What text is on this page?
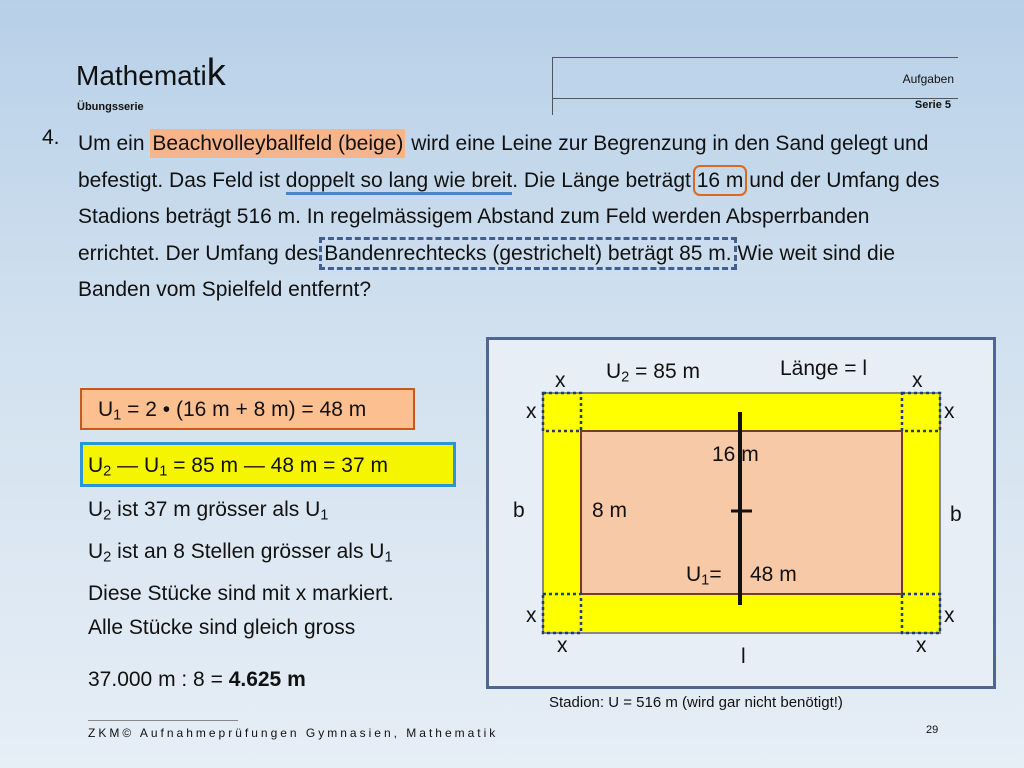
Mathematik
Übungsserie
Aufgaben
Serie 5
4. Um ein Beachvolleyballfeld (beige) wird eine Leine zur Begrenzung in den Sand gelegt und befestigt. Das Feld ist doppelt so lang wie breit. Die Länge beträgt 16 m und der Umfang des Stadions beträgt 516 m. In regelmässigem Abstand zum Feld werden Absperrbanden errichtet. Der Umfang des Bandenrechtecks (gestrichelt) beträgt 85 m. Wie weit sind die Banden vom Spielfeld entfernt?
$U_1 = 2$ • (16 m + 8 m) = 48 m
$U_2$ — $U_1 = 85$ m — 48 m = 37 m
$U_2$ ist 37 m grösser als $U_1$
$U_2$ ist an 8 Stellen grösser als $U_1$
Diese Stücke sind mit x markiert.
Alle Stücke sind gleich gross
37.000 m : 8 = 4.625 m
$U_2 = 85$ m	Länge = l
x	x
x	x
x	x
x	x
b	b
l
16 m
8 m
$U_1= 48$ m
Stadion: U = 516 m (wird gar nicht benötigt!)
ZKM© Aufnahmeprüfungen Gymnasien, Mathematik	29
